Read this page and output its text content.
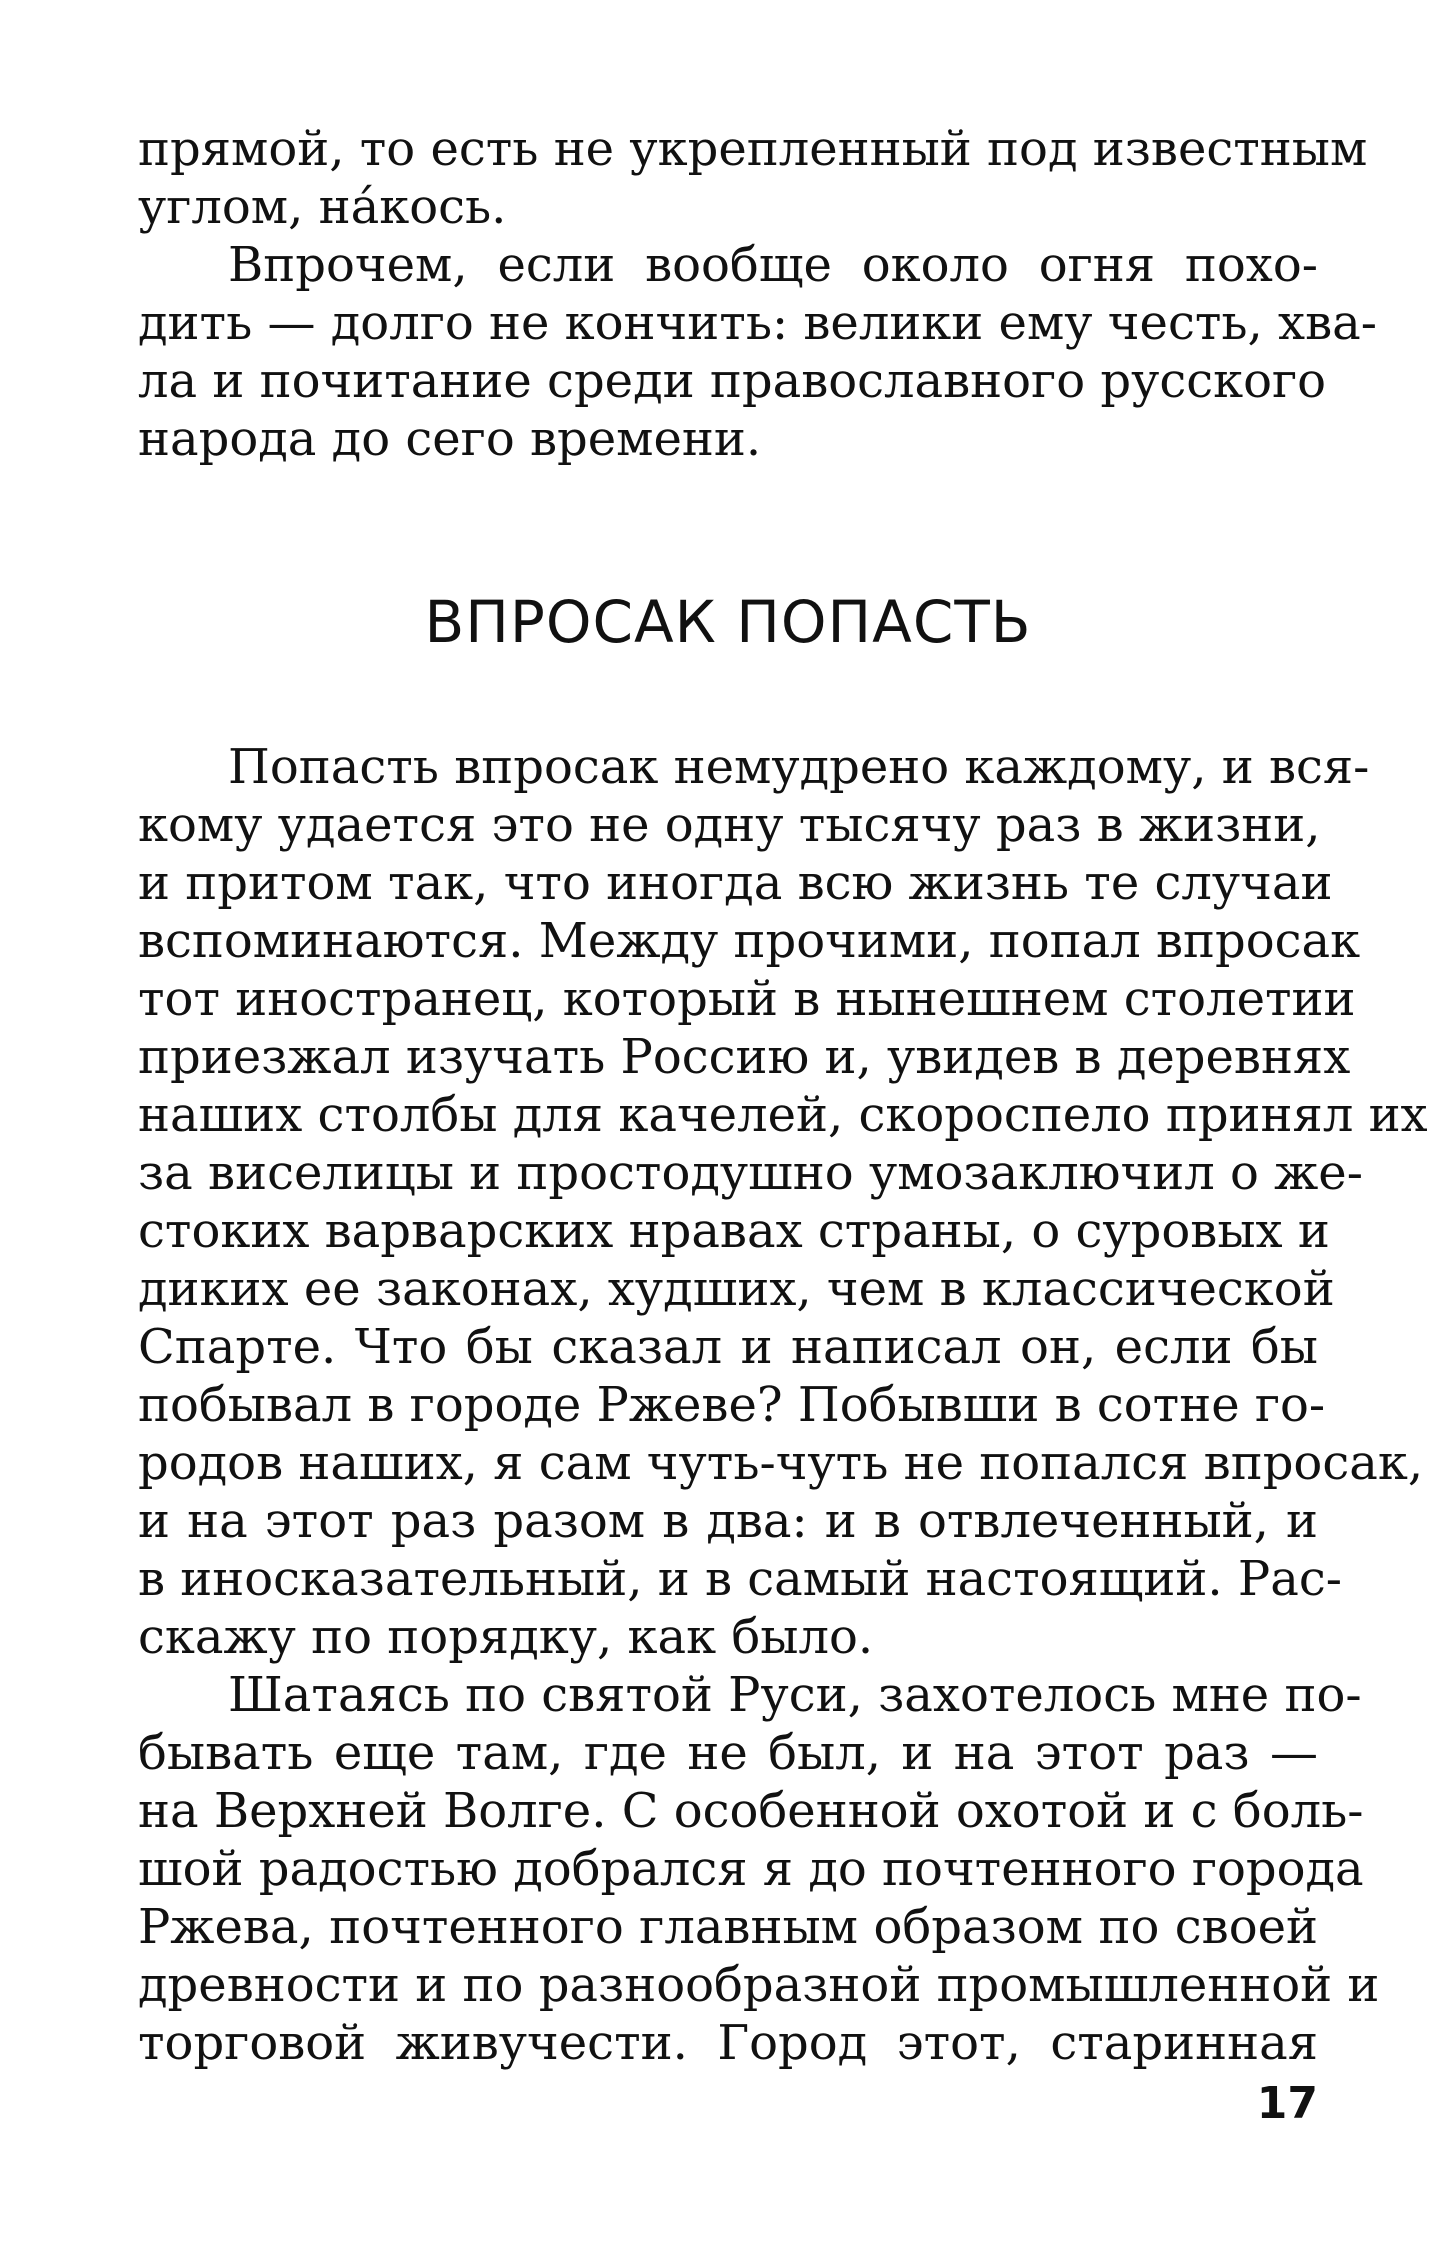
прямой, то есть не укрепленный под известным
углом, на́кось.
Впрочем, если вообще около огня похо-
дить — долго не кончить: велики ему честь, хва-
ла и почитание среди православного русского
народа до сего времени.
ВПРОСАК ПОПАСТЬ
Попасть впросак немудрено каждому, и вся-
кому удается это не одну тысячу раз в жизни,
и притом так, что иногда всю жизнь те случаи
вспоминаются. Между прочими, попал впросак
тот иностранец, который в нынешнем столетии
приезжал изучать Россию и, увидев в деревнях
наших столбы для качелей, скороспело принял их
за виселицы и простодушно умозаключил о же-
стоких варварских нравах страны, о суровых и
диких ее законах, худших, чем в классической
Спарте. Что бы сказал и написал он, если бы
побывал в городе Ржеве? Побывши в сотне го-
родов наших, я сам чуть-чуть не попался впросак,
и на этот раз разом в два: и в отвлеченный, и
в иносказательный, и в самый настоящий. Рас-
скажу по порядку, как было.
Шатаясь по святой Руси, захотелось мне по-
бывать еще там, где не был, и на этот раз —
на Верхней Волге. С особенной охотой и с боль-
шой радостью добрался я до почтенного города
Ржева, почтенного главным образом по своей
древности и по разнообразной промышленной и
торговой живучести. Город этот, старинная
17
